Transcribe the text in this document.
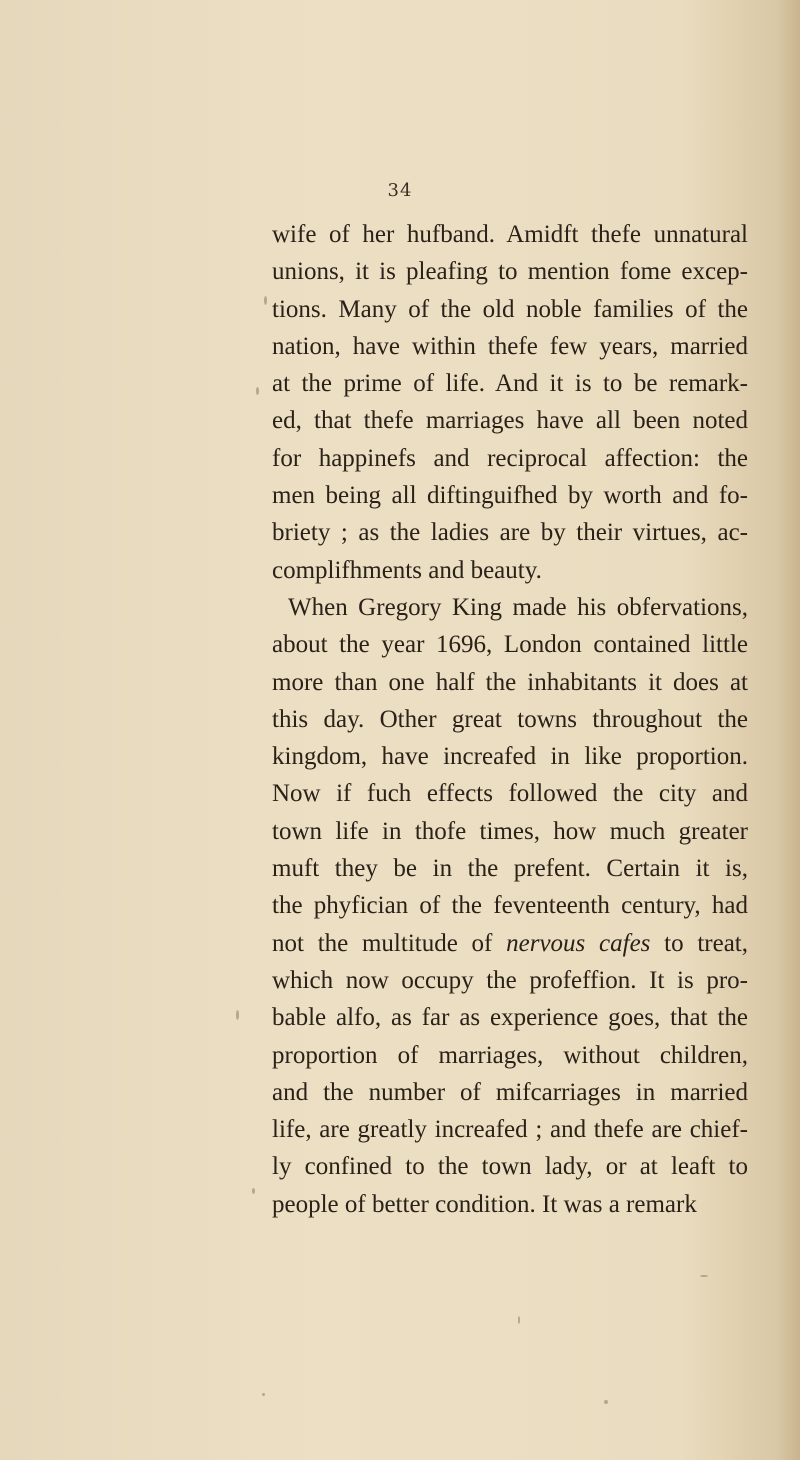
34
wife of her hufband. Amidft thefe unnatural
unions, it is pleafing to mention fome excep-
tions. Many of the old noble families of the
nation, have within thefe few years, married
at the prime of life. And it is to be remark-
ed, that thefe marriages have all been noted
for happinefs and reciprocal affection: the
men being all diftinguifhed by worth and fo-
briety ; as the ladies are by their virtues, ac-
complifhments and beauty.
When Gregory King made his obfervations,
about the year 1696, London contained little
more than one half the inhabitants it does at
this day. Other great towns throughout the
kingdom, have increafed in like proportion.
Now if fuch effects followed the city and
town life in thofe times, how much greater
muft they be in the prefent. Certain it is,
the phyfician of the feventeenth century, had
not the multitude of nervous cafes to treat,
which now occupy the profeffion. It is pro-
bable alfo, as far as experience goes, that the
proportion of marriages, without children,
and the number of mifcarriages in married
life, are greatly increafed ; and thefe are chief-
ly confined to the town lady, or at leaft to
people of better condition. It was a remark
